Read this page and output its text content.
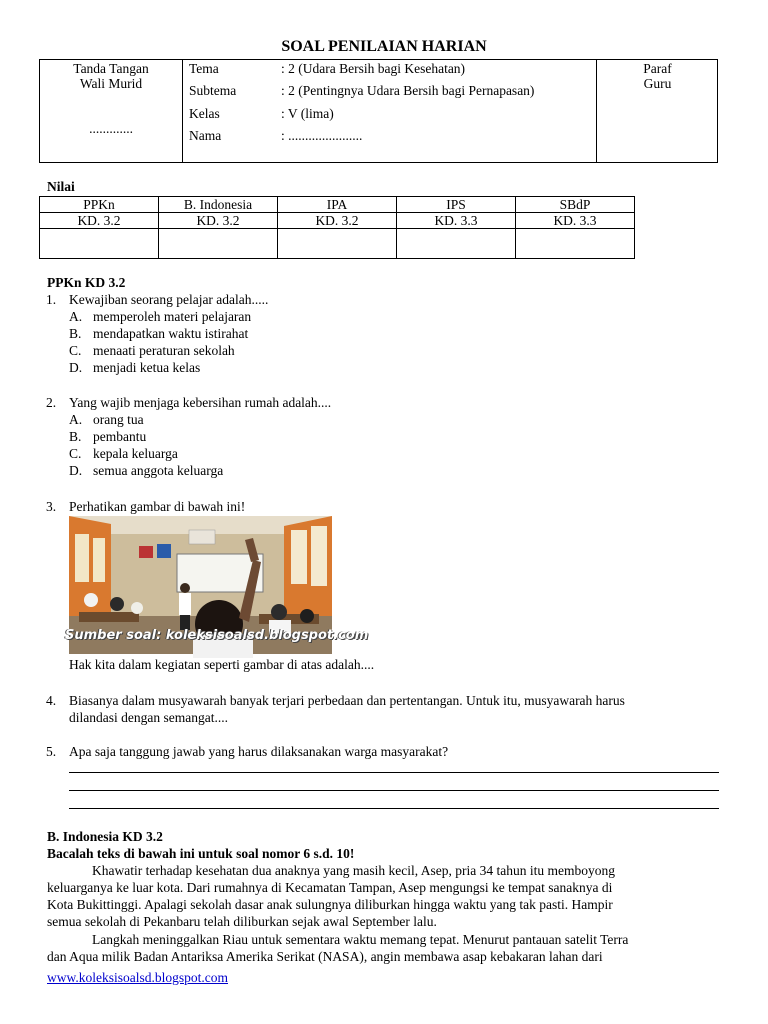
SOAL PENILAIAN HARIAN
Tanda Tangan
Wali Murid
.............
Tema	: 2 (Udara Bersih bagi Kesehatan)
Subtema	: 2 (Pentingnya Udara Bersih bagi Pernapasan)
Kelas	: V (lima)
Nama	: ......................
Paraf
Guru
Nilai
PPKn	B. Indonesia	IPA	IPS	SBdP
KD. 3.2	KD. 3.2	KD. 3.2	KD. 3.3	KD. 3.3

PPKn KD 3.2
1. Kewajiban seorang pelajar adalah.....
A. memperoleh materi pelajaran
B. mendapatkan waktu istirahat
C. menaati peraturan sekolah
D. menjadi ketua kelas
2. Yang wajib menjaga kebersihan rumah adalah....
A. orang tua
B. pembantu
C. kepala keluarga
D. semua anggota keluarga
3. Perhatikan gambar di bawah ini!
Sumber soal: koleksisoalsd.blogspot.com
Hak kita dalam kegiatan seperti gambar di atas adalah....
4. Biasanya dalam musyawarah banyak terjari perbedaan dan pertentangan. Untuk itu, musyawarah harus
dilandasi dengan semangat....
5. Apa saja tanggung jawab yang harus dilaksanakan warga masyarakat?
B. Indonesia KD 3.2
Bacalah teks di bawah ini untuk soal nomor 6 s.d. 10!
Khawatir terhadap kesehatan dua anaknya yang masih kecil, Asep, pria 34 tahun itu memboyong
keluarganya ke luar kota. Dari rumahnya di Kecamatan Tampan, Asep mengungsi ke tempat sanaknya di
Kota Bukittinggi. Apalagi sekolah dasar anak sulungnya diliburkan hingga waktu yang tak pasti. Hampir
semua sekolah di Pekanbaru telah diliburkan sejak awal September lalu.
Langkah meninggalkan Riau untuk sementara waktu memang tepat. Menurut pantauan satelit Terra
dan Aqua milik Badan Antariksa Amerika Serikat (NASA), angin membawa asap kebakaran lahan dari
www.koleksisoalsd.blogspot.com
